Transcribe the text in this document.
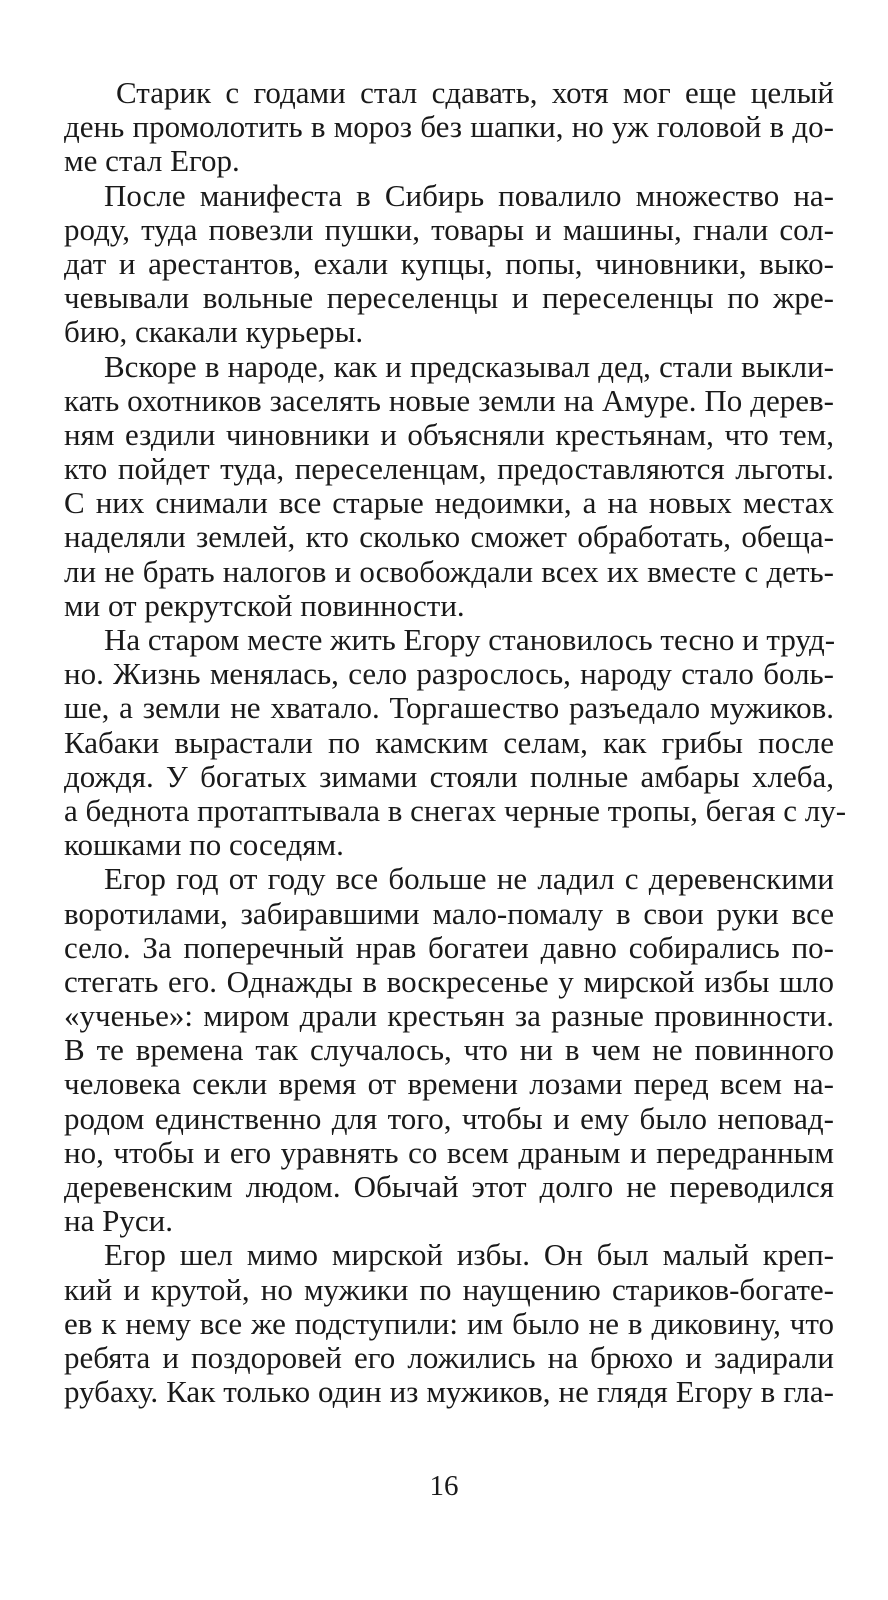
Старик с годами стал сдавать, хотя мог еще целый
день промолотить в мороз без шапки, но уж головой в до-
ме стал Егор.
После манифеста в Сибирь повалило множество на-
роду, туда повезли пушки, товары и машины, гнали сол-
дат и арестантов, ехали купцы, попы, чиновники, выко-
чевывали вольные переселенцы и переселенцы по жре-
бию, скакали курьеры.
Вскоре в народе, как и предсказывал дед, стали выкли-
кать охотников заселять новые земли на Амуре. По дерев-
ням ездили чиновники и объясняли крестьянам, что тем,
кто пойдет туда, переселенцам, предоставляются льготы.
С них снимали все старые недоимки, а на новых местах
наделяли землей, кто сколько сможет обработать, обеща-
ли не брать налогов и освобождали всех их вместе с деть-
ми от рекрутской повинности.
На старом месте жить Егору становилось тесно и труд-
но. Жизнь менялась, село разрослось, народу стало боль-
ше, а земли не хватало. Торгашество разъедало мужиков.
Кабаки вырастали по камским селам, как грибы после
дождя. У богатых зимами стояли полные амбары хлеба,
а беднота протаптывала в снегах черные тропы, бегая с лу-
кошками по соседям.
Егор год от году все больше не ладил с деревенскими
воротилами, забиравшими мало-помалу в свои руки все
село. За поперечный нрав богатеи давно собирались по-
стегать его. Однажды в воскресенье у мирской избы шло
«ученье»: миром драли крестьян за разные провинности.
В те времена так случалось, что ни в чем не повинного
человека секли время от времени лозами перед всем на-
родом единственно для того, чтобы и ему было неповад-
но, чтобы и его уравнять со всем драным и передранным
деревенским людом. Обычай этот долго не переводился
на Руси.
Егор шел мимо мирской избы. Он был малый креп-
кий и крутой, но мужики по наущению стариков-богате-
ев к нему все же подступили: им было не в диковину, что
ребята и поздоровей его ложились на брюхо и задирали
рубаху. Как только один из мужиков, не глядя Егору в гла-
16
